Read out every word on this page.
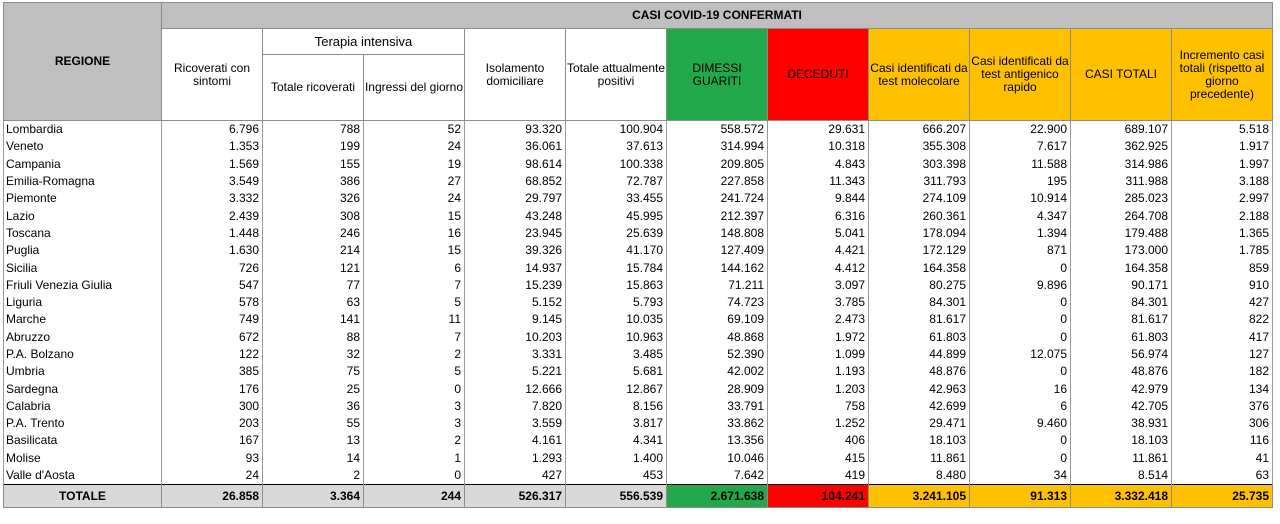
REGIONE	CASI COVID-19 CONFERMATI										
	Ricoverati con sintomi	Terapia intensiva		Isolamento domiciliare	Totale attualmente positivi	DIMESSI GUARITI	DECEDUTI	Casi identificati da test molecolare	Casi identificati da test antigenico rapido	CASI TOTALI	Incremento casi totali (rispetto al giorno precedente)
		Totale ricoverati	Ingressi del giorno								
Lombardia	6.796	788	52	93.320	100.904	558.572	29.631	666.207	22.900	689.107	5.518
Veneto	1.353	199	24	36.061	37.613	314.994	10.318	355.308	7.617	362.925	1.917
Campania	1.569	155	19	98.614	100.338	209.805	4.843	303.398	11.588	314.986	1.997
Emilia-Romagna	3.549	386	27	68.852	72.787	227.858	11.343	311.793	195	311.988	3.188
Piemonte	3.332	326	24	29.797	33.455	241.724	9.844	274.109	10.914	285.023	2.997
Lazio	2.439	308	15	43.248	45.995	212.397	6.316	260.361	4.347	264.708	2.188
Toscana	1.448	246	16	23.945	25.639	148.808	5.041	178.094	1.394	179.488	1.365
Puglia	1.630	214	15	39.326	41.170	127.409	4.421	172.129	871	173.000	1.785
Sicilia	726	121	6	14.937	15.784	144.162	4.412	164.358	0	164.358	859
Friuli Venezia Giulia	547	77	7	15.239	15.863	71.211	3.097	80.275	9.896	90.171	910
Liguria	578	63	5	5.152	5.793	74.723	3.785	84.301	0	84.301	427
Marche	749	141	11	9.145	10.035	69.109	2.473	81.617	0	81.617	822
Abruzzo	672	88	7	10.203	10.963	48.868	1.972	61.803	0	61.803	417
P.A. Bolzano	122	32	2	3.331	3.485	52.390	1.099	44.899	12.075	56.974	127
Umbria	385	75	5	5.221	5.681	42.002	1.193	48.876	0	48.876	182
Sardegna	176	25	0	12.666	12.867	28.909	1.203	42.963	16	42.979	134
Calabria	300	36	3	7.820	8.156	33.791	758	42.699	6	42.705	376
P.A. Trento	203	55	3	3.559	3.817	33.862	1.252	29.471	9.460	38.931	306
Basilicata	167	13	2	4.161	4.341	13.356	406	18.103	0	18.103	116
Molise	93	14	1	1.293	1.400	10.046	415	11.861	0	11.861	41
Valle d'Aosta	24	2	0	427	453	7.642	419	8.480	34	8.514	63
TOTALE	26.858	3.364	244	526.317	556.539	2.671.638	104.241	3.241.105	91.313	3.332.418	25.735
